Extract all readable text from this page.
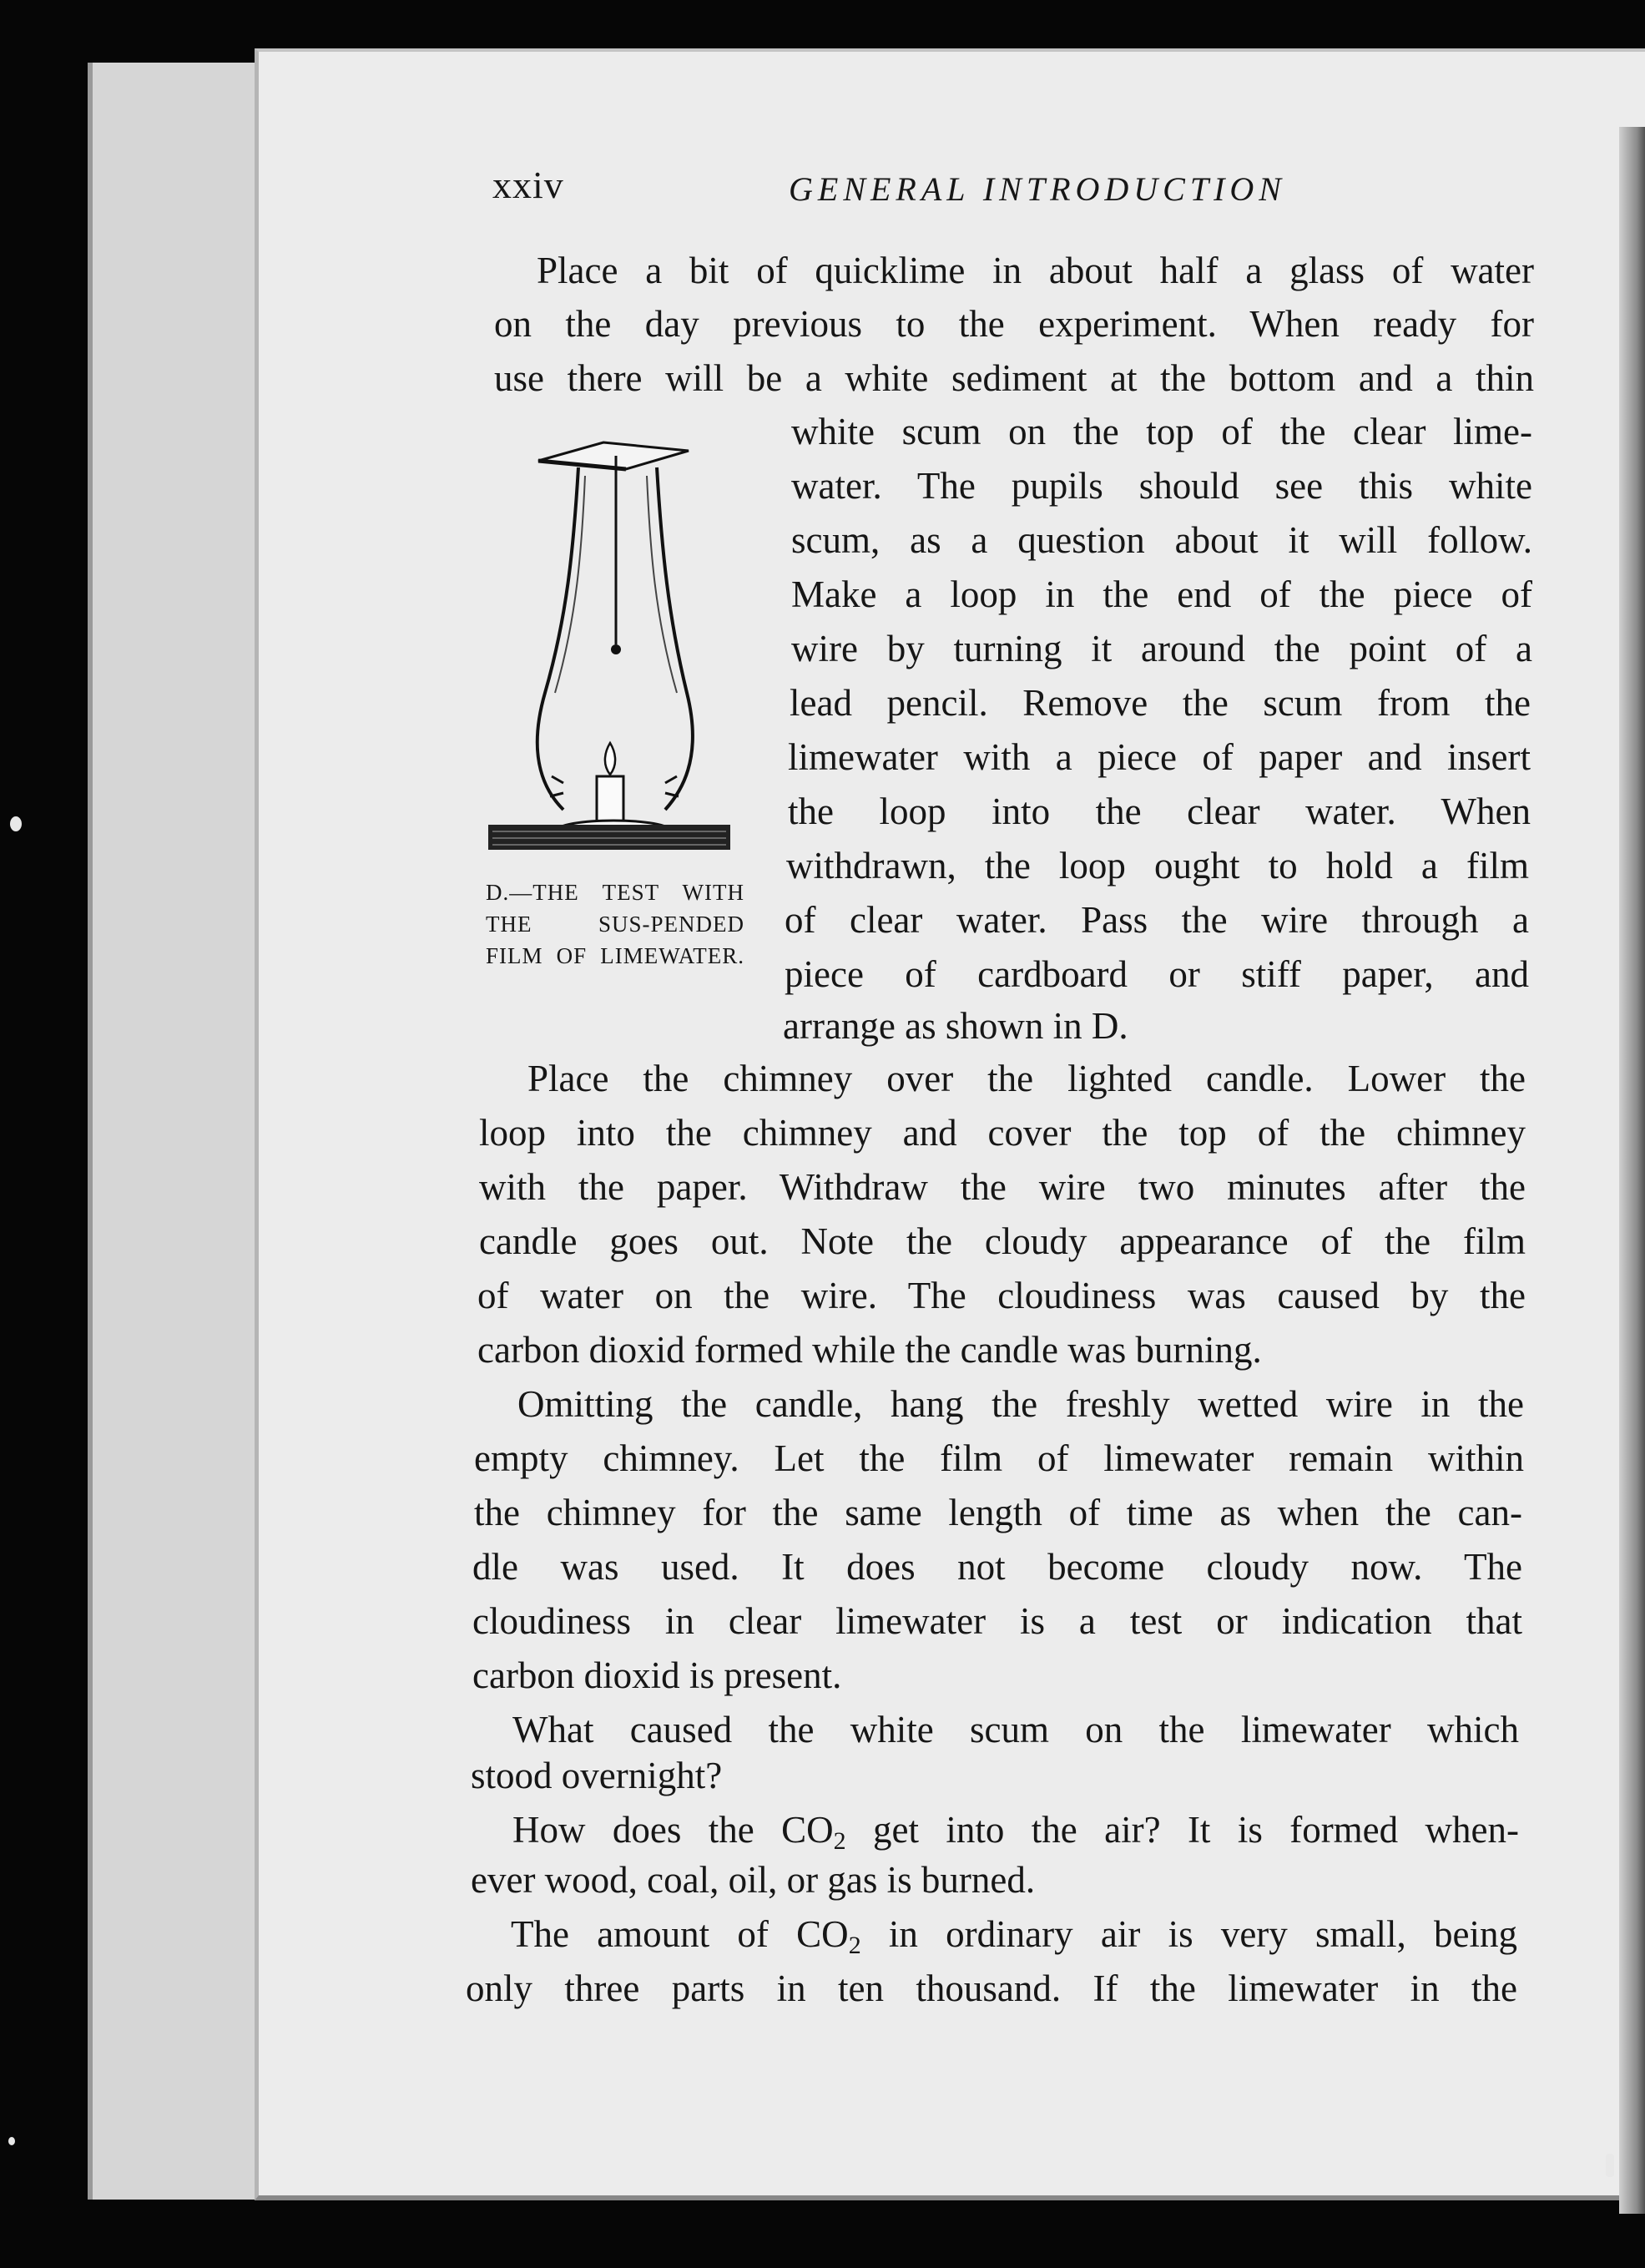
xxiv	GENERAL INTRODUCTION
D.—THE TEST WITH THE SUS-PENDED FILM OF LIMEWATER.
Place a bit of quicklime in about half a glass of water
on the day previous to the experiment. When ready for
use there will be a white sediment at the bottom and a thin
white scum on the top of the clear lime-
water. The pupils should see this white
scum, as a question about it will follow.
Make a loop in the end of the piece of
wire by turning it around the point of a
lead pencil. Remove the scum from the
limewater with a piece of paper and insert
the loop into the clear water. When
withdrawn, the loop ought to hold a film
of clear water. Pass the wire through a
piece of cardboard or stiff paper, and
arrange as shown in D.
Place the chimney over the lighted candle. Lower the
loop into the chimney and cover the top of the chimney
with the paper. Withdraw the wire two minutes after the
candle goes out. Note the cloudy appearance of the film
of water on the wire. The cloudiness was caused by the
carbon dioxid formed while the candle was burning.
Omitting the candle, hang the freshly wetted wire in the
empty chimney. Let the film of limewater remain within
the chimney for the same length of time as when the can-
dle was used. It does not become cloudy now. The
cloudiness in clear limewater is a test or indication that
carbon dioxid is present.
What caused the white scum on the limewater which
stood overnight?
How does the $CO_2$ get into the air? It is formed when-
ever wood, coal, oil, or gas is burned.
The amount of $CO_2$ in ordinary air is very small, being
only three parts in ten thousand. If the limewater in the
